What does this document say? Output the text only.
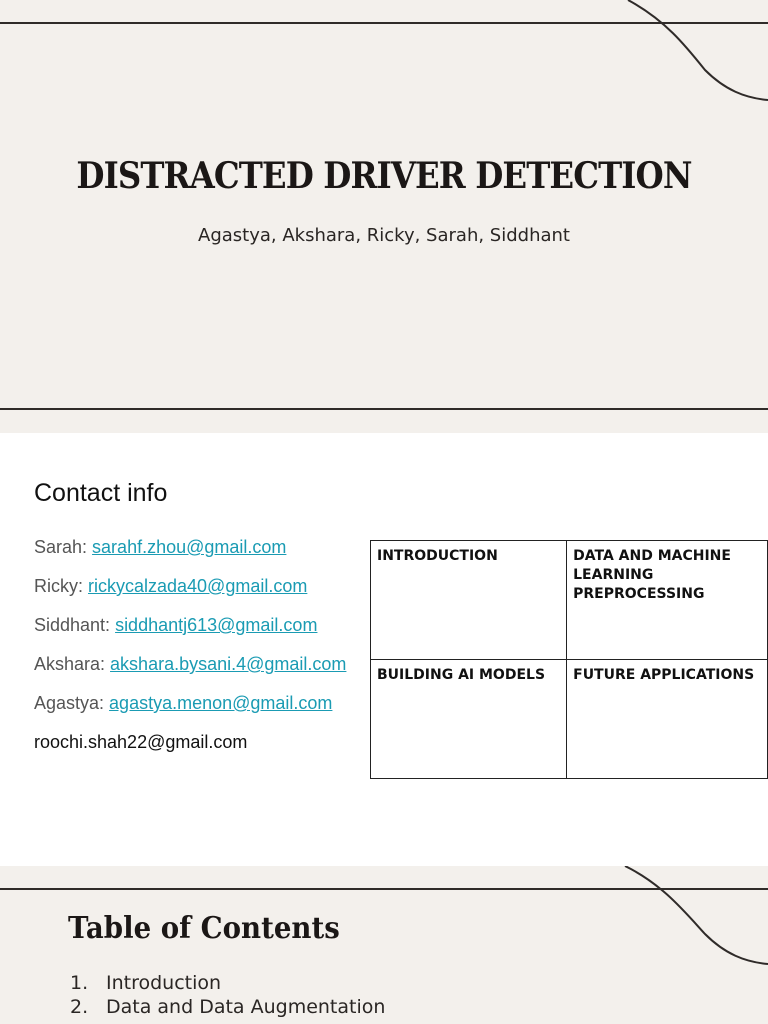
DISTRACTED DRIVER DETECTION
Agastya, Akshara, Ricky, Sarah, Siddhant
Contact info
Sarah: sarahf.zhou@gmail.com
Ricky: rickycalzada40@gmail.com
Siddhant: siddhantj613@gmail.com
Akshara: akshara.bysani.4@gmail.com
Agastya: agastya.menon@gmail.com
roochi.shah22@gmail.com
INTRODUCTION	DATA AND MACHINE LEARNING PREPROCESSING
BUILDING AI MODELS	FUTURE APPLICATIONS
Table of Contents
1. Introduction
2. Data and Data Augmentation
